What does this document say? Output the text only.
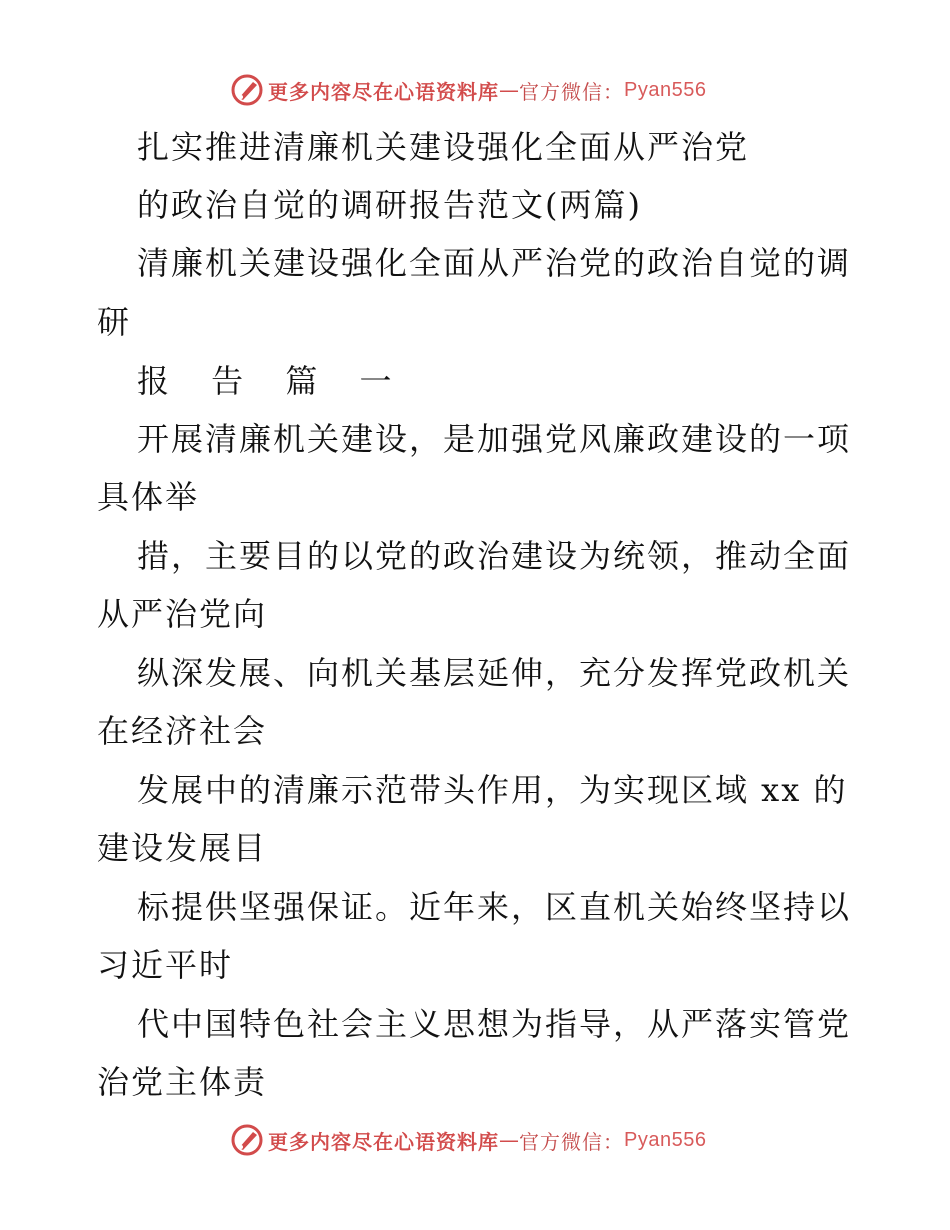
更多内容尽在心语资料库 — 官方微信： Pyan556
扎实推进清廉机关建设强化全面从严治党
的政治自觉的调研报告范文(两篇)
清廉机关建设强化全面从严治党的政治自觉的调
研
报 告 篇 一
开展清廉机关建设，是加强党风廉政建设的一项
具体举
措，主要目的以党的政治建设为统领，推动全面
从严治党向
纵深发展、向机关基层延伸，充分发挥党政机关
在经济社会
发展中的清廉示范带头作用，为实现区域 xx 的
建设发展目
标提供坚强保证。近年来，区直机关始终坚持以
习近平时
代中国特色社会主义思想为指导，从严落实管党
治党主体责
更多内容尽在心语资料库 — 官方微信： Pyan556
